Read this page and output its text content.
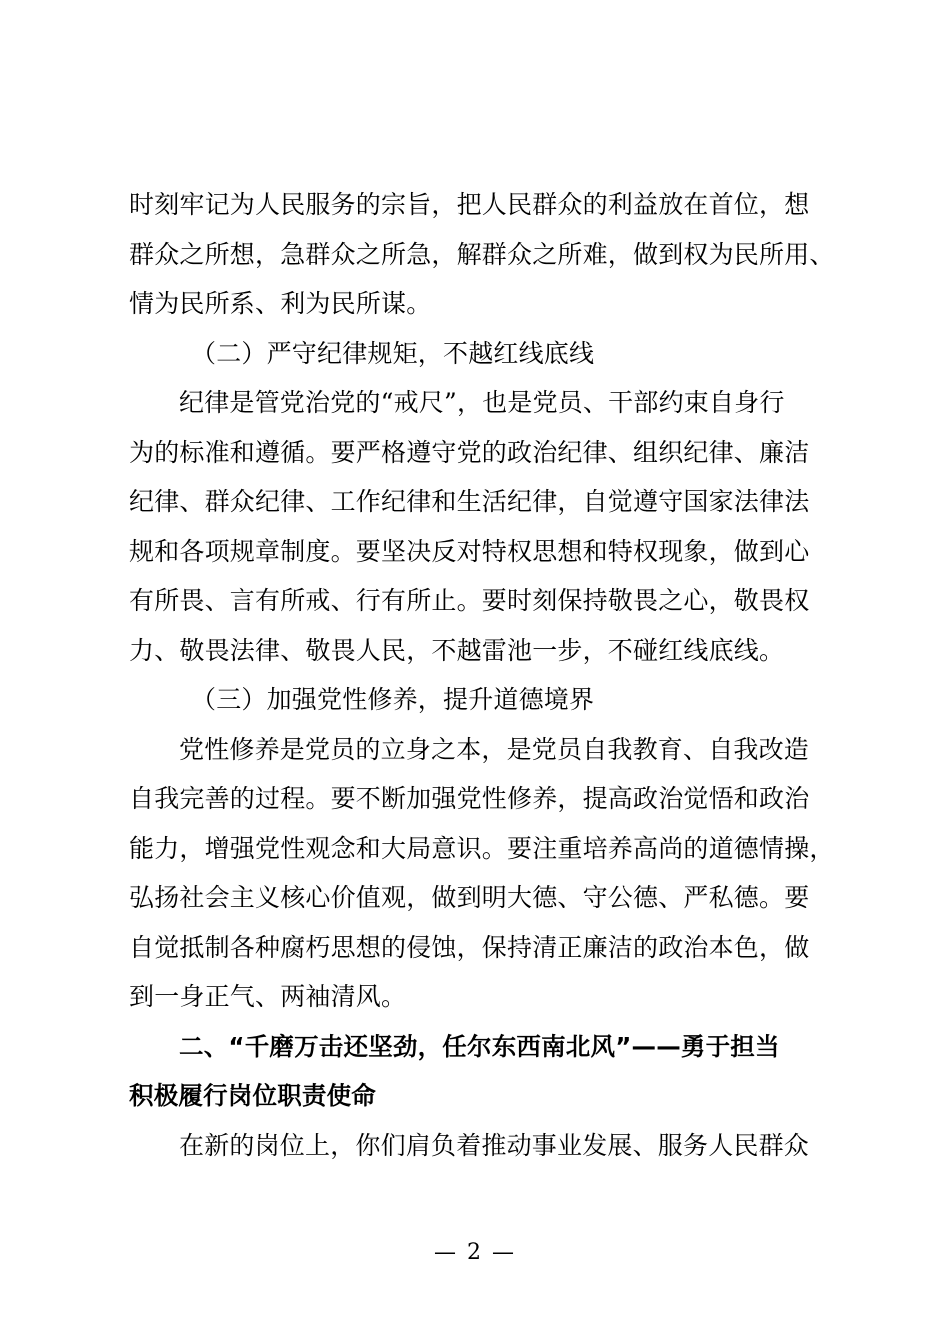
时刻牢记为人民服务的宗旨，把人民群众的利益放在首位，想
群众之所想，急群众之所急，解群众之所难，做到权为民所用、
情为民所系、利为民所谋。
（二）严守纪律规矩，不越红线底线
纪律是管党治党的“戒尺”，也是党员、干部约束自身行
为的标准和遵循。要严格遵守党的政治纪律、组织纪律、廉洁
纪律、群众纪律、工作纪律和生活纪律，自觉遵守国家法律法
规和各项规章制度。要坚决反对特权思想和特权现象，做到心
有所畏、言有所戒、行有所止。要时刻保持敬畏之心，敬畏权
力、敬畏法律、敬畏人民，不越雷池一步，不碰红线底线。
（三）加强党性修养，提升道德境界
党性修养是党员的立身之本，是党员自我教育、自我改造
自我完善的过程。要不断加强党性修养，提高政治觉悟和政治
能力，增强党性观念和大局意识。要注重培养高尚的道德情操，
弘扬社会主义核心价值观，做到明大德、守公德、严私德。要
自觉抵制各种腐朽思想的侵蚀，保持清正廉洁的政治本色，做
到一身正气、两袖清风。
二、“千磨万击还坚劲，任尔东西南北风”——勇于担当
积极履行岗位职责使命
在新的岗位上，你们肩负着推动事业发展、服务人民群众
— 2 —
